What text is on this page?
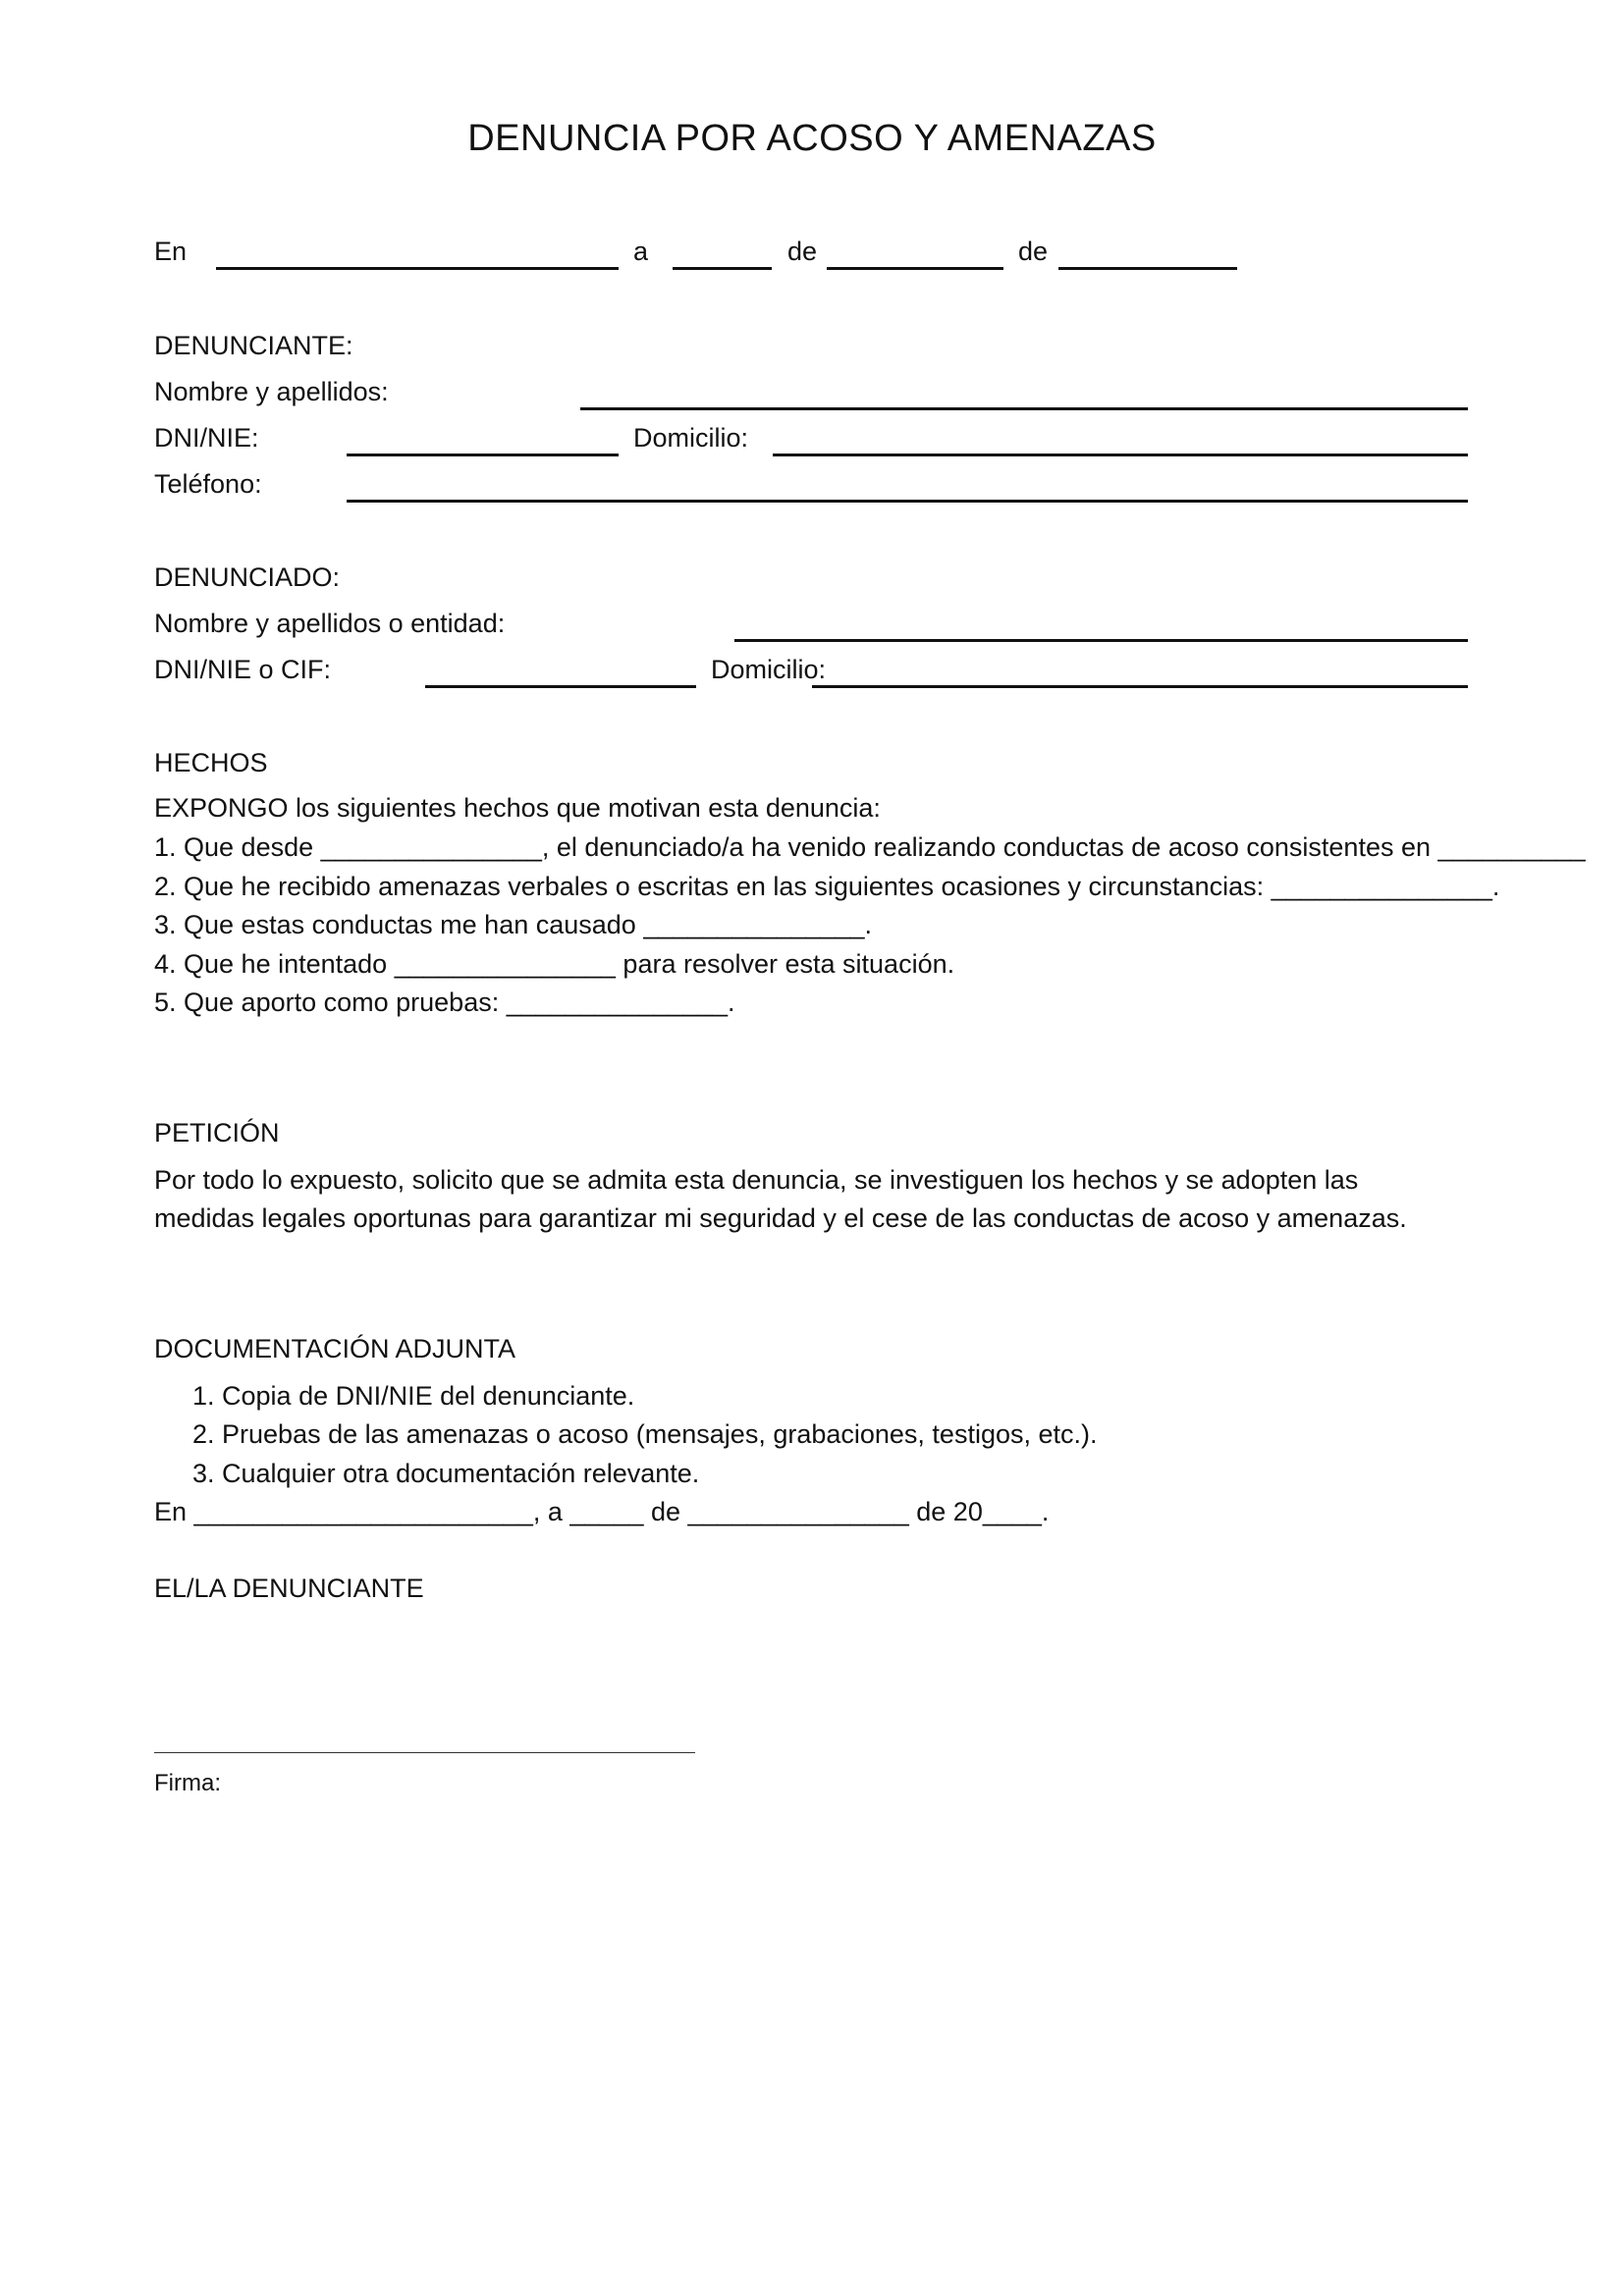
DENUNCIA POR ACOSO Y AMENAZAS
En	a	de	de
DENUNCIANTE:
Nombre y apellidos:
DNI/NIE:	Domicilio:
Teléfono:
DENUNCIADO:
Nombre y apellidos o entidad:
DNI/NIE o CIF:	Domicilio:
HECHOS
EXPONGO los siguientes hechos que motivan esta denuncia:
1. Que desde _______________, el denunciado/a ha venido realizando conductas de acoso consistentes en __________
2. Que he recibido amenazas verbales o escritas en las siguientes ocasiones y circunstancias: _______________.
3. Que estas conductas me han causado _______________.
4. Que he intentado _______________ para resolver esta situación.
5. Que aporto como pruebas: _______________.
PETICIÓN
Por todo lo expuesto, solicito que se admita esta denuncia, se investiguen los hechos y se adopten las
medidas legales oportunas para garantizar mi seguridad y el cese de las conductas de acoso y amenazas.
DOCUMENTACIÓN ADJUNTA
1. Copia de DNI/NIE del denunciante.
2. Pruebas de las amenazas o acoso (mensajes, grabaciones, testigos, etc.).
3. Cualquier otra documentación relevante.
En _______________________, a _____ de _______________ de 20____.
EL/LA DENUNCIANTE
Firma:
